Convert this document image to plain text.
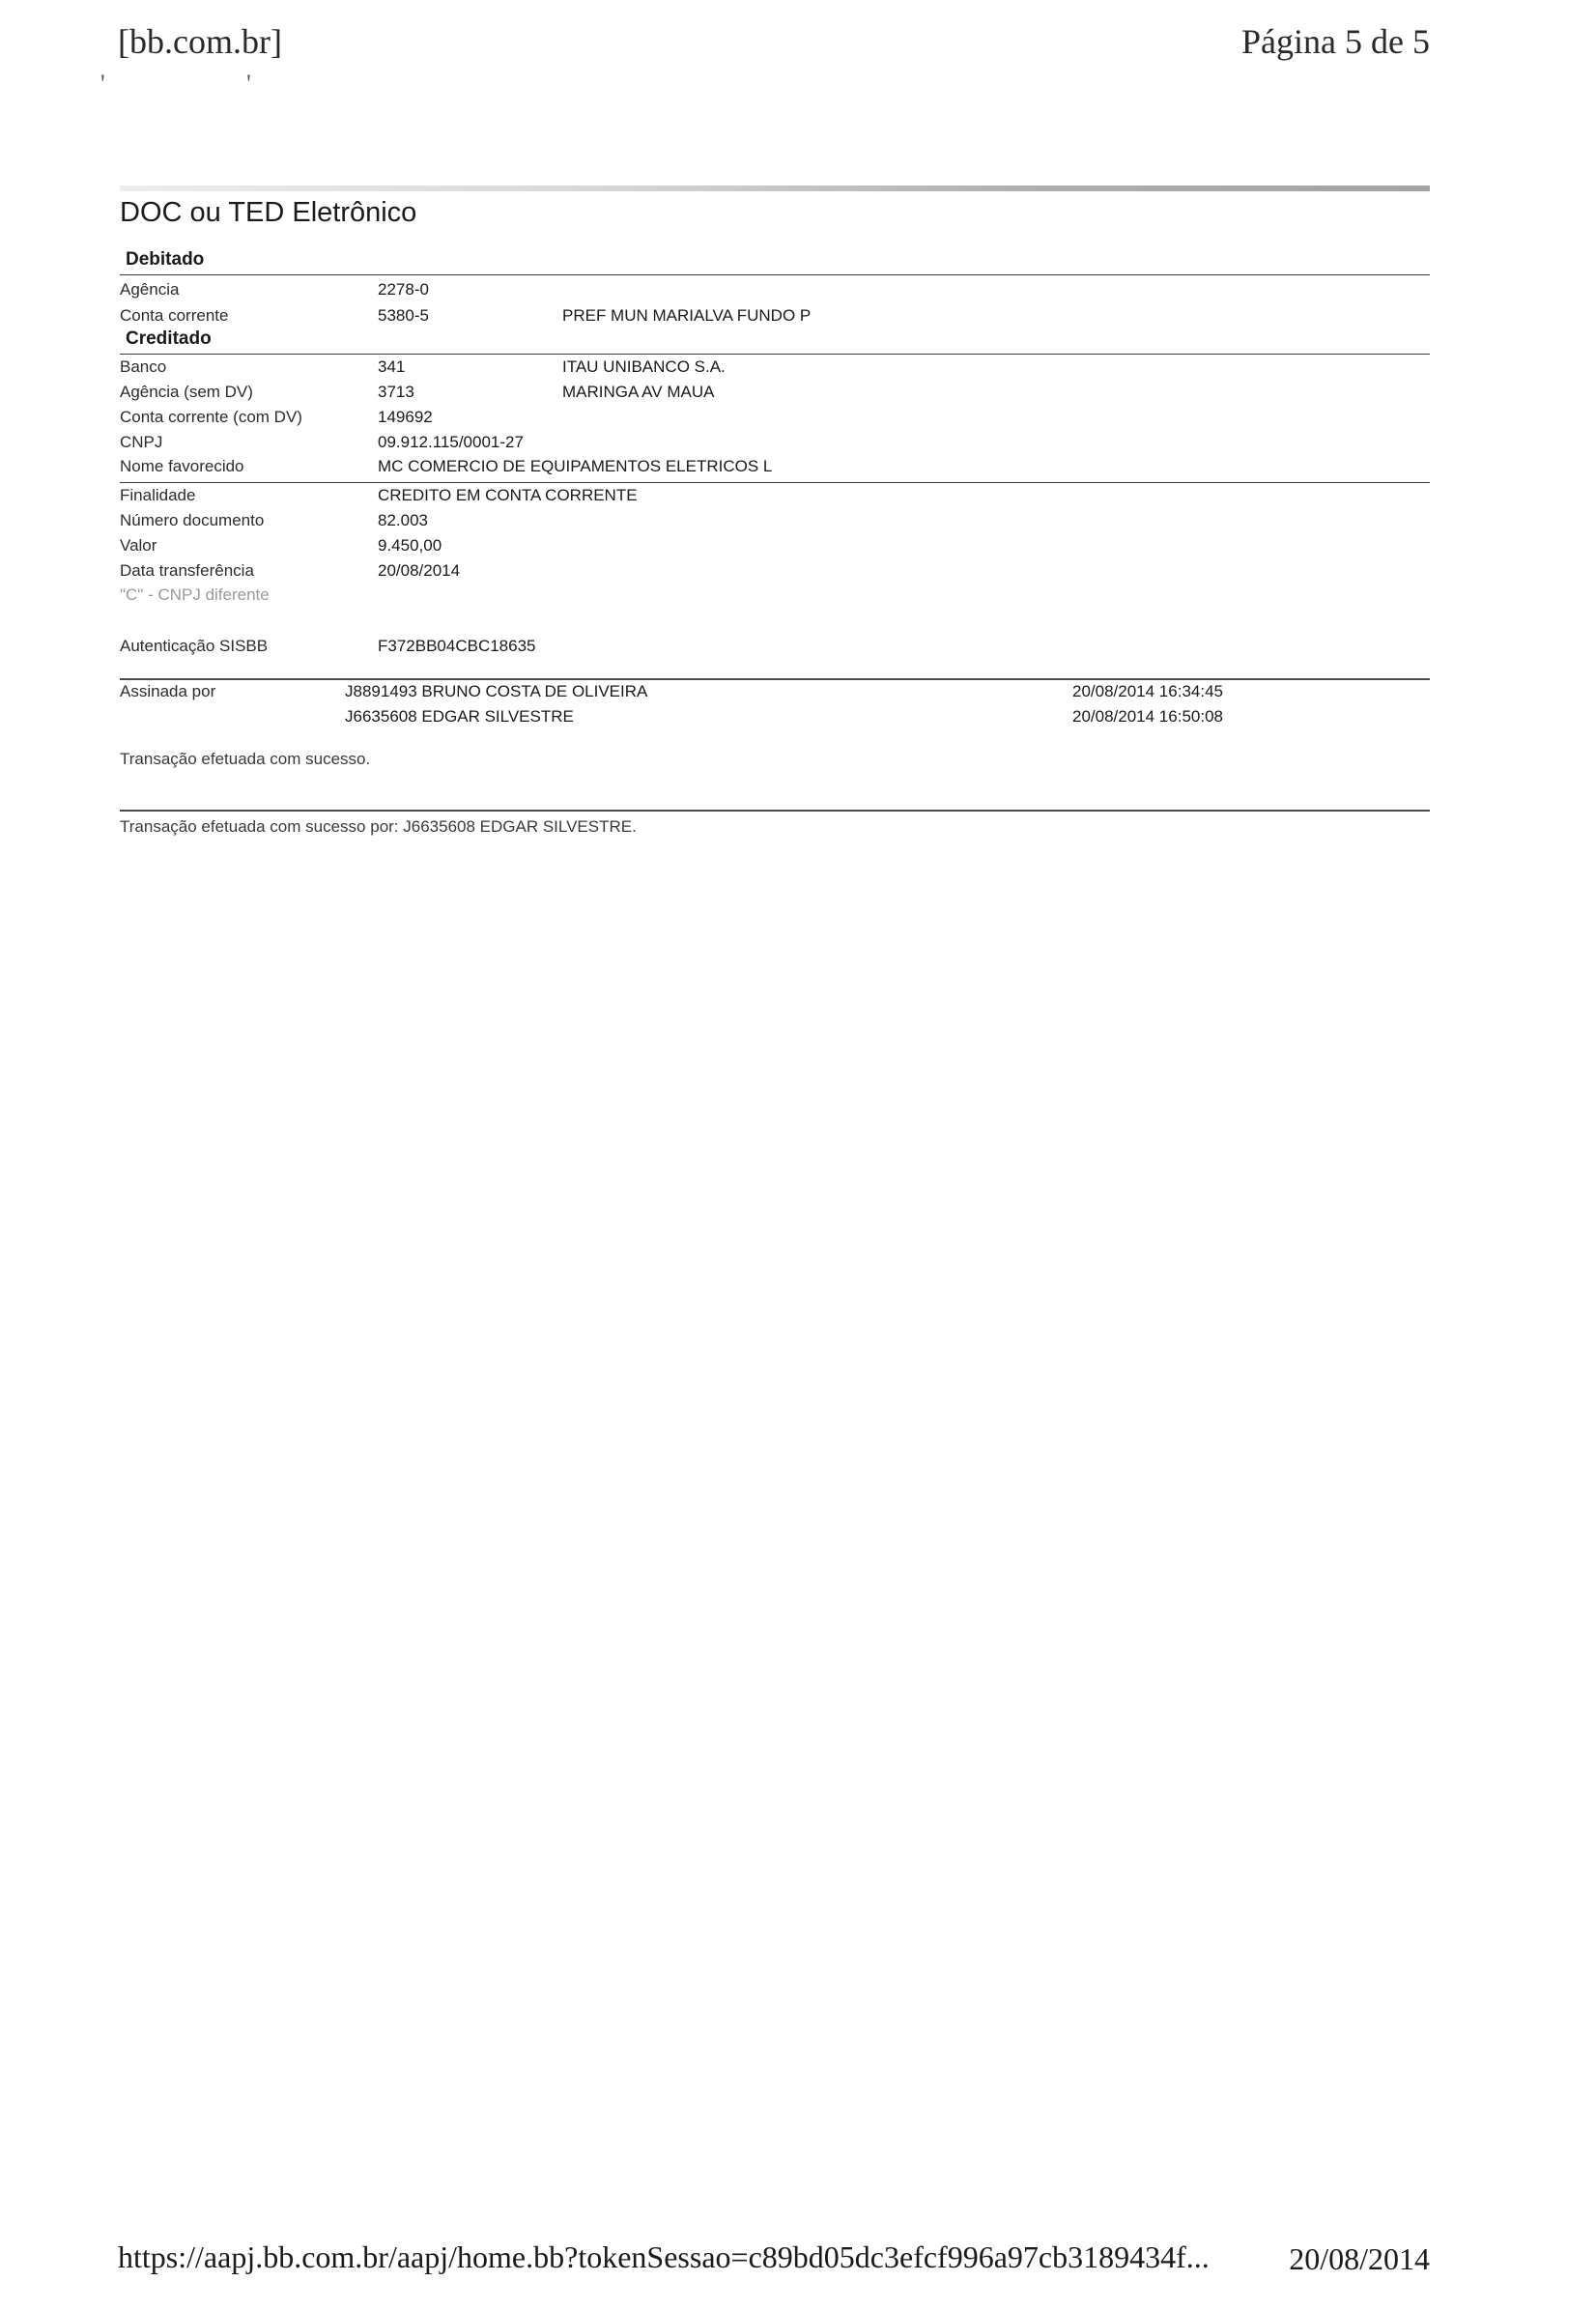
[bb.com.br]	Página 5 de 5
' '
DOC ou TED Eletrônico
Debitado
Agência	2278-0
Conta corrente	5380-5	PREF MUN MARIALVA FUNDO P
Creditado
Banco	341	ITAU UNIBANCO S.A.
Agência (sem DV)	3713	MARINGA AV MAUA
Conta corrente (com DV)	149692
CNPJ	09.912.115/0001-27
Nome favorecido	MC COMERCIO DE EQUIPAMENTOS ELETRICOS L
Finalidade	CREDITO EM CONTA CORRENTE
Número documento	82.003
Valor	9.450,00
Data transferência	20/08/2014
"C" - CNPJ diferente
Autenticação SISBB	F372BB04CBC18635
Assinada por	J8891493 BRUNO COSTA DE OLIVEIRA	20/08/2014 16:34:45
J6635608 EDGAR SILVESTRE	20/08/2014 16:50:08
Transação efetuada com sucesso.
Transação efetuada com sucesso por: J6635608 EDGAR SILVESTRE.
https://aapj.bb.com.br/aapj/home.bb?tokenSessao=c89bd05dc3efcf996a97cb3189434f...	20/08/2014
